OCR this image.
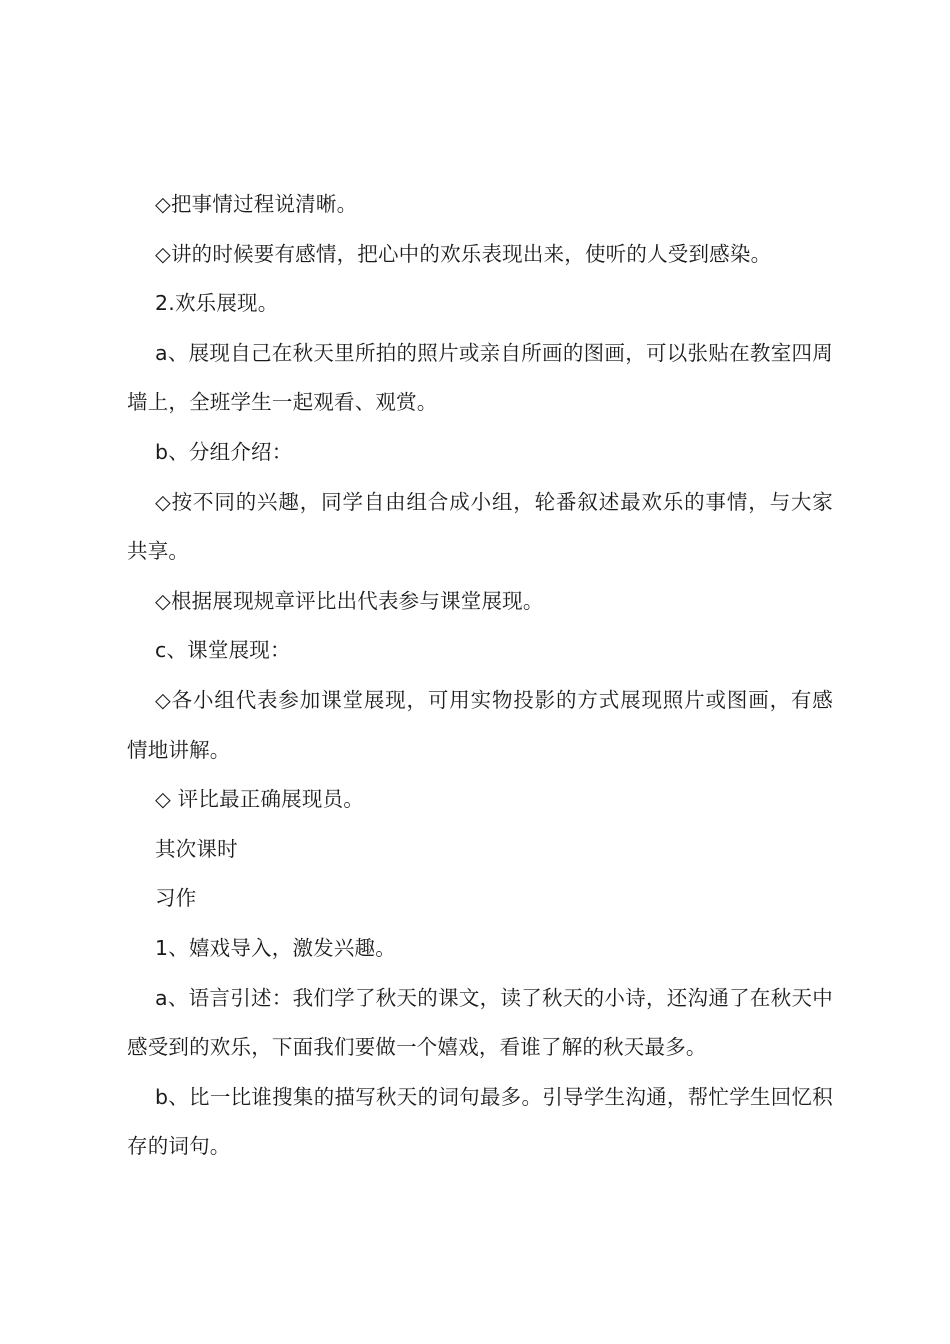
◇把事情过程说清晰。

◇讲的时候要有感情，把心中的欢乐表现出来，使听的人受到感染。

2.欢乐展现。

a、展现自己在秋天里所拍的照片或亲自所画的图画，可以张贴在教室四周墙上，全班学生一起观看、观赏。

b、分组介绍：

◇按不同的兴趣，同学自由组合成小组，轮番叙述最欢乐的事情，与大家共享。

◇根据展现规章评比出代表参与课堂展现。

c、课堂展现：

◇各小组代表参加课堂展现，可用实物投影的方式展现照片或图画，有感情地讲解。

◇ 评比最正确展现员。

其次课时

习作

1、嬉戏导入，激发兴趣。

a、语言引述：我们学了秋天的课文，读了秋天的小诗，还沟通了在秋天中感受到的欢乐，下面我们要做一个嬉戏，看谁了解的秋天最多。

b、比一比谁搜集的描写秋天的词句最多。引导学生沟通，帮忙学生回忆积存的词句。
